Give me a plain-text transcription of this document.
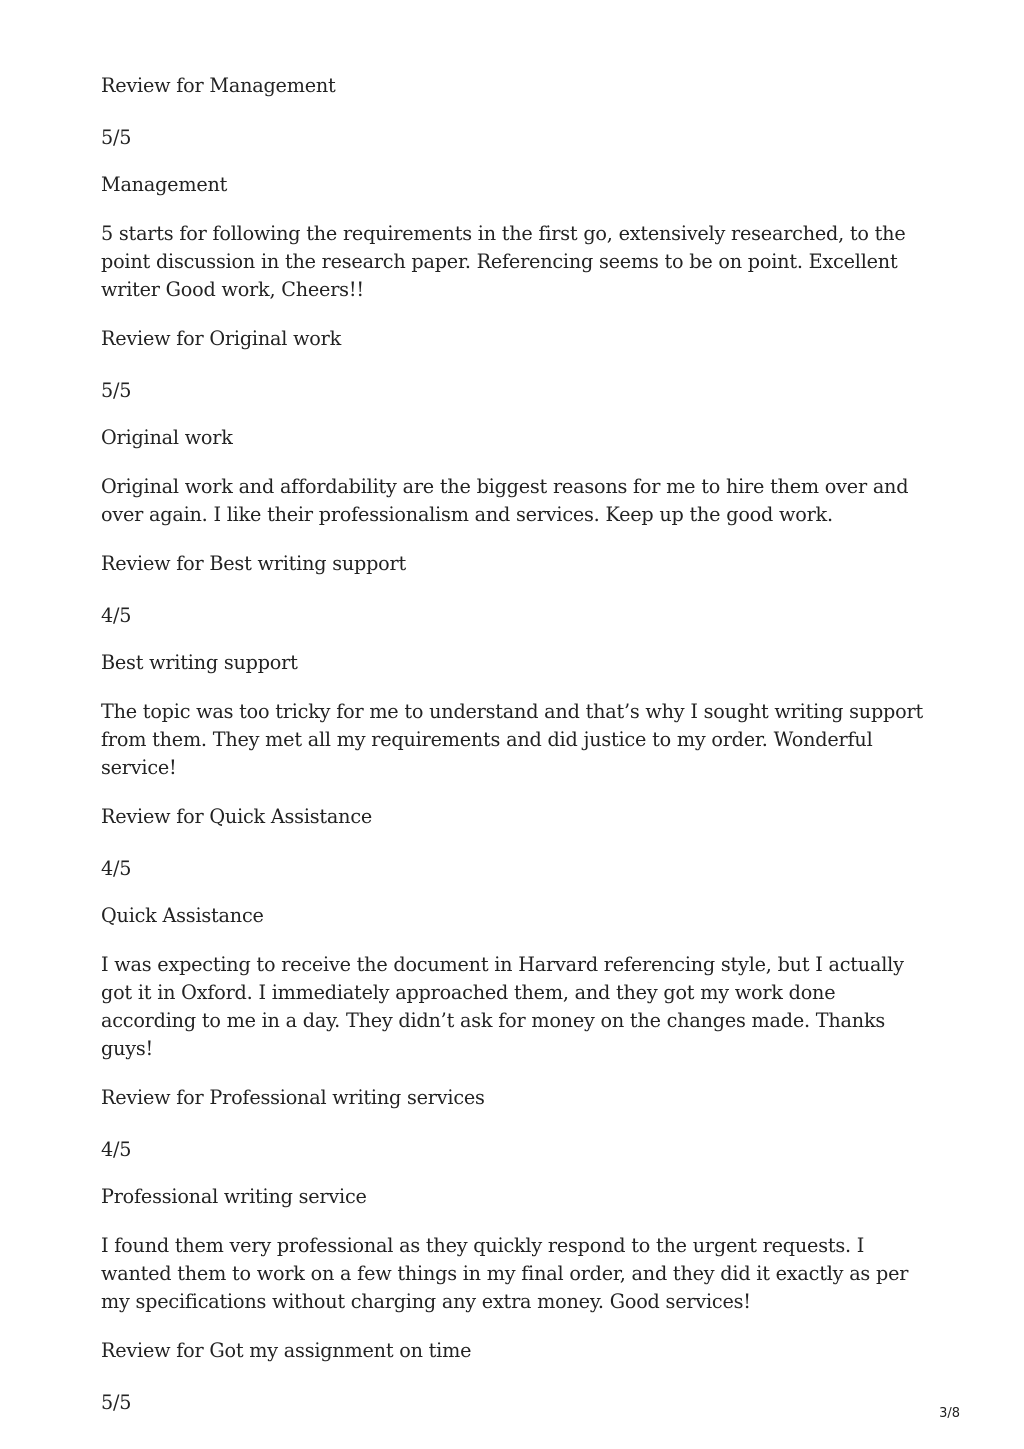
Review for Management

5/5

Management

5 starts for following the requirements in the first go, extensively researched, to the point discussion in the research paper. Referencing seems to be on point. Excellent writer Good work, Cheers!!

Review for Original work

5/5

Original work

Original work and affordability are the biggest reasons for me to hire them over and over again. I like their professionalism and services. Keep up the good work.

Review for Best writing support

4/5

Best writing support

The topic was too tricky for me to understand and that’s why I sought writing support from them. They met all my requirements and did justice to my order. Wonderful service!

Review for Quick Assistance

4/5

Quick Assistance

I was expecting to receive the document in Harvard referencing style, but I actually got it in Oxford. I immediately approached them, and they got my work done according to me in a day. They didn’t ask for money on the changes made. Thanks guys!

Review for Professional writing services

4/5

Professional writing service

I found them very professional as they quickly respond to the urgent requests. I wanted them to work on a few things in my final order, and they did it exactly as per my specifications without charging any extra money. Good services!

Review for Got my assignment on time

5/5	3/8
